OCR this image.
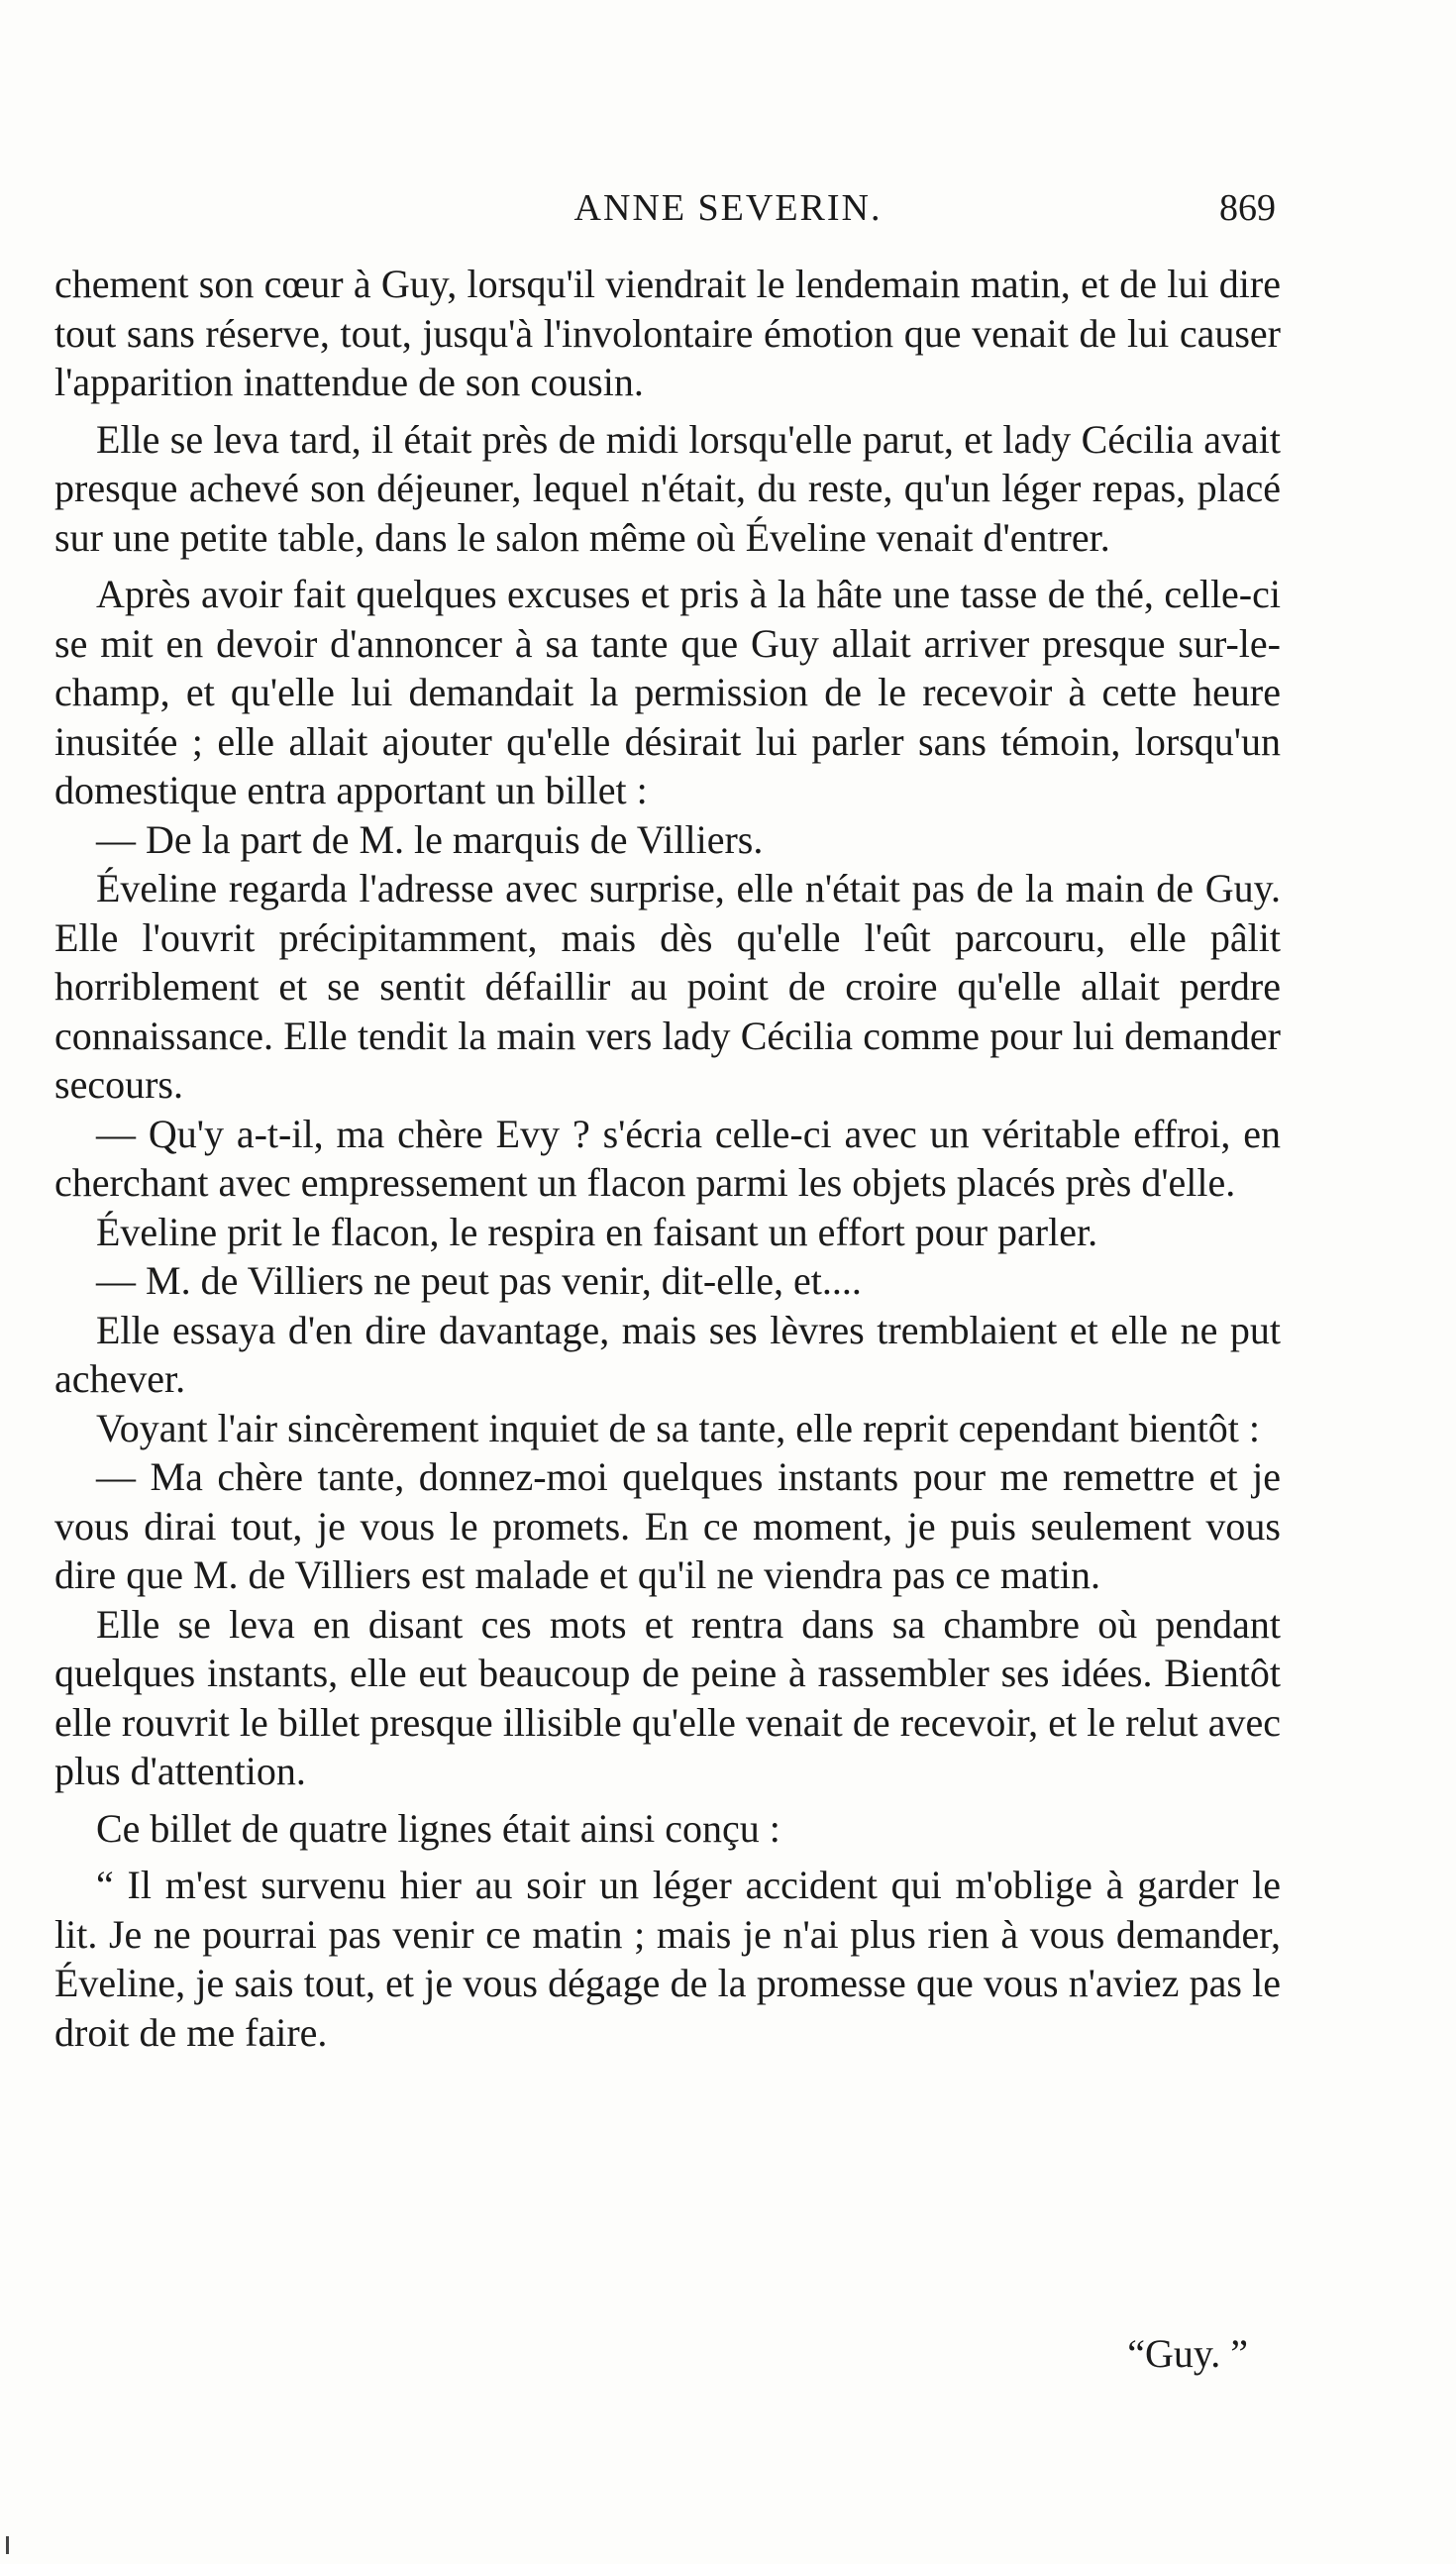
ANNE SEVERIN.	869

chement son cœur à Guy, lorsqu'il viendrait le lendemain matin, et de lui dire tout sans réserve, tout, jusqu'à l'involontaire émotion que venait de lui causer l'apparition inattendue de son cousin.

Elle se leva tard, il était près de midi lorsqu'elle parut, et lady Cécilia avait presque achevé son déjeuner, lequel n'était, du reste, qu'un léger repas, placé sur une petite table, dans le salon même où Éveline venait d'entrer.

Après avoir fait quelques excuses et pris à la hâte une tasse de thé, celle-ci se mit en devoir d'annoncer à sa tante que Guy allait arriver presque sur-le-champ, et qu'elle lui demandait la permission de le recevoir à cette heure inusitée ; elle allait ajouter qu'elle désirait lui parler sans témoin, lorsqu'un domestique entra apportant un billet :

— De la part de M. le marquis de Villiers.

Éveline regarda l'adresse avec surprise, elle n'était pas de la main de Guy. Elle l'ouvrit précipitamment, mais dès qu'elle l'eût parcouru, elle pâlit horriblement et se sentit défaillir au point de croire qu'elle allait perdre connaissance. Elle tendit la main vers lady Cécilia comme pour lui demander secours.

— Qu'y a-t-il, ma chère Evy ? s'écria celle-ci avec un véritable effroi, en cherchant avec empressement un flacon parmi les objets placés près d'elle.

Éveline prit le flacon, le respira en faisant un effort pour parler.

— M. de Villiers ne peut pas venir, dit-elle, et....

Elle essaya d'en dire davantage, mais ses lèvres tremblaient et elle ne put achever.

Voyant l'air sincèrement inquiet de sa tante, elle reprit cependant bientôt :

— Ma chère tante, donnez-moi quelques instants pour me remettre et je vous dirai tout, je vous le promets. En ce moment, je puis seulement vous dire que M. de Villiers est malade et qu'il ne viendra pas ce matin.

Elle se leva en disant ces mots et rentra dans sa chambre où pendant quelques instants, elle eut beaucoup de peine à rassembler ses idées. Bientôt elle rouvrit le billet presque illisible qu'elle venait de recevoir, et le relut avec plus d'attention.

Ce billet de quatre lignes était ainsi conçu :

“ Il m'est survenu hier au soir un léger accident qui m'oblige à garder le lit. Je ne pourrai pas venir ce matin ; mais je n'ai plus rien à vous demander, Éveline, je sais tout, et je vous dégage de la promesse que vous n'aviez pas le droit de me faire.

“Guy. ”
